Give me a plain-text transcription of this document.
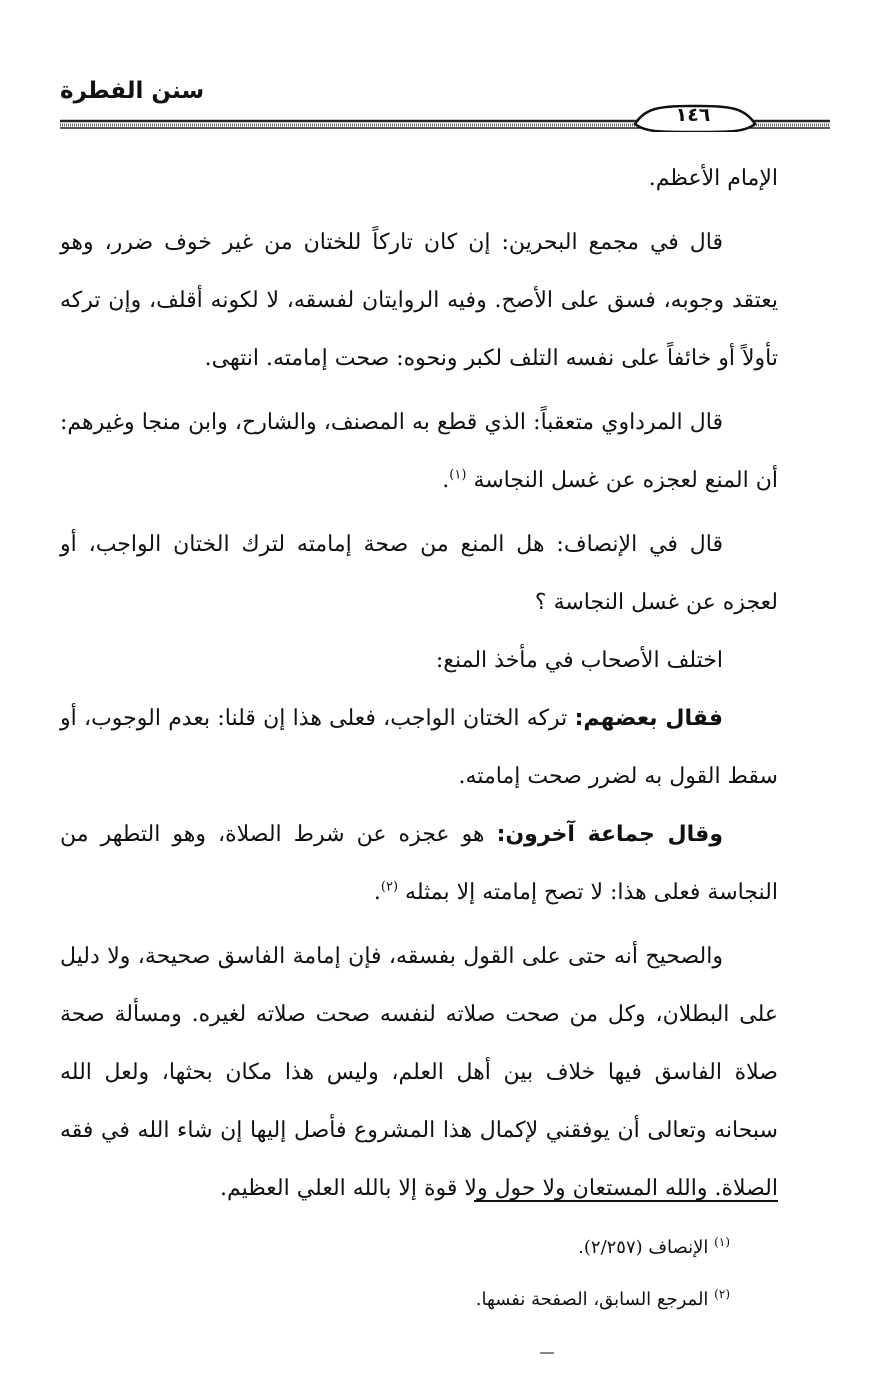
سنن الفطرة
١٤٦

الإمام الأعظم.

قال في مجمع البحرين: إن كان تاركاً للختان من غير خوف ضرر، وهو يعتقد وجوبه، فسق على الأصح. وفيه الروايتان لفسقه، لا لكونه أقلف، وإن تركه تأولاً أو خائفاً على نفسه التلف لكبر ونحوه: صحت إمامته. انتهى.

قال المرداوي متعقباً: الذي قطع به المصنف، والشارح، وابن منجا وغيرهم: أن المنع لعجزه عن غسل النجاسة $^{(١)}$.

قال في الإنصاف: هل المنع من صحة إمامته لترك الختان الواجب، أو لعجزه عن غسل النجاسة ؟

اختلف الأصحاب في مأخذ المنع:

فقال بعضهم: تركه الختان الواجب، فعلى هذا إن قلنا: بعدم الوجوب، أو سقط القول به لضرر صحت إمامته.

وقال جماعة آخرون: هو عجزه عن شرط الصلاة، وهو التطهر من النجاسة فعلى هذا: لا تصح إمامته إلا بمثله $^{(٢)}$.

والصحيح أنه حتى على القول بفسقه، فإن إمامة الفاسق صحيحة، ولا دليل على البطلان، وكل من صحت صلاته لنفسه صحت صلاته لغيره. ومسألة صحة صلاة الفاسق فيها خلاف بين أهل العلم، وليس هذا مكان بحثها، ولعل الله سبحانه وتعالى أن يوفقني لإكمال هذا المشروع فأصل إليها إن شاء الله في فقه الصلاة. والله المستعان ولا حول ولا قوة إلا بالله العلي العظيم.

$^{(١)}$ الإنصاف (٢/٢٥٧).

$^{(٢)}$ المرجع السابق، الصفحة نفسها.
